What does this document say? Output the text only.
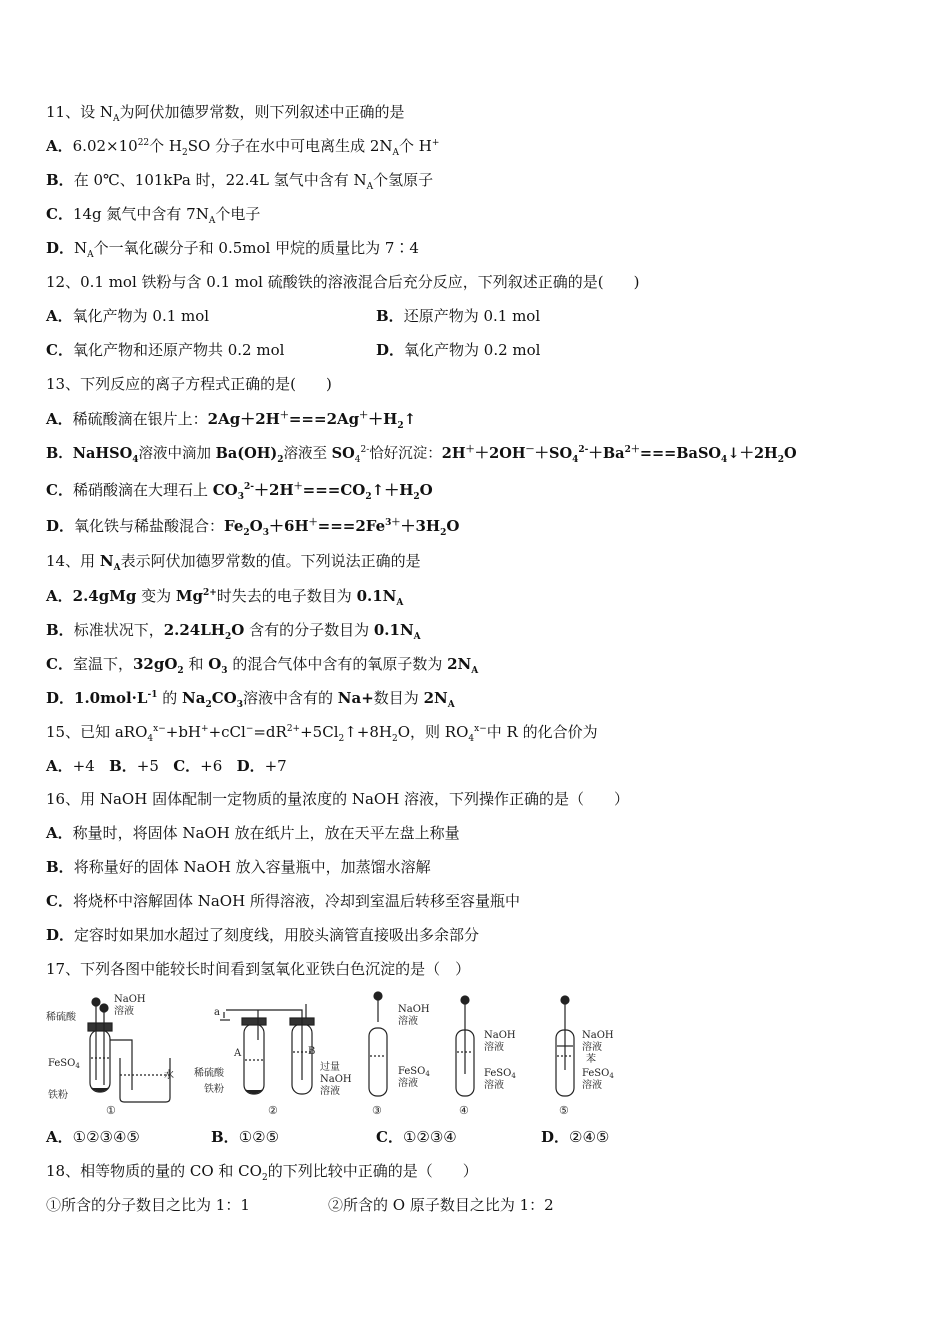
11、设 $N_A$为阿伏加德罗常数，则下列叙述中正确的是
A．$6.02\times 10^{22}$个 $H_2SO$ 分子在水中可电离生成 $2N_A$个 H+
B．在 0℃、101kPa 时，22.4L 氢气中含有 $N_A$个氢原子
C．14g 氮气中含有 $7N_A$个电子
D．$N_A$个一氧化碳分子和 0.5mol 甲烷的质量比为 7∶4
12、0.1 mol 铁粉与含 0.1 mol 硫酸铁的溶液混合后充分反应，下列叙述正确的是(　　)
A．氧化产物为 0.1 mol	B．还原产物为 0.1 mol
C．氧化产物和还原产物共 0.2 mol	D．氧化产物为 0.2 mol
13、下列反应的离子方程式正确的是(　　)
A．稀硫酸滴在银片上：$2Ag+2H^+===2Ag^++H_2↑$
B．NaHSO$_4$溶液中滴加 $Ba(OH)_2$溶液至 $SO_4^{2-}$恰好沉淀：$2H^++2OH^-+SO_4^{2-}+Ba^{2+}===BaSO_4↓+2H_2O$
C．稀硝酸滴在大理石上 $CO_3^{2-}+2H^+===CO_2↑+H_2O$
D．氧化铁与稀盐酸混合：$Fe_2O_3+6H^+===2Fe^{3+}+3H_2O$
14、用 $N_A$表示阿伏加德罗常数的值。下列说法正确的是
A．2.4gMg 变为 $Mg^{2+}$时失去的电子数目为 $0.1N_A$
B．标准状况下，$2.24LH_2O$ 含有的分子数目为 $0.1N_A$
C．室温下，$32gO_2$ 和 $O_3$ 的混合气体中含有的氧原子数为 $2N_A$
D．$1.0mol\cdot L^{-1}$ 的 $Na_2CO_3$溶液中含有的 Na+数目为 $2N_A$
15、已知 $aRO_4^{x-}+bH^++cCl^-=dR^{2+}+5Cl_2↑+8H_2O$，则 $RO_4^{x-}$中 R 的化合价为
A．+4 B．+5 C．+6 D．+7
16、用 NaOH 固体配制一定物质的量浓度的 NaOH 溶液，下列操作正确的是（　　）
A．称量时，将固体 NaOH 放在纸片上，放在天平左盘上称量
B．将称量好的固体 NaOH 放入容量瓶中，加蒸馏水溶解
C．将烧杯中溶解固体 NaOH 所得溶液，冷却到室温后转移至容量瓶中
D．定容时如果加水超过了刻度线，用胶头滴管直接吸出多余部分
17、下列各图中能较长时间看到氢氧化亚铁白色沉淀的是（　）
NaOH
溶液
稀硫酸
FeSO$_4$
铁粉
水
①
a
A	B
稀硫酸
铁粉
过量
NaOH
溶液
②
NaOH
溶液
FeSO$_4$
溶液
③
NaOH
溶液
FeSO$_4$
溶液
④
NaOH
溶液
苯
FeSO$_4$
溶液
⑤
A．①②③④⑤	B．①②⑤	C．①②③④	D．②④⑤
18、相等物质的量的 CO 和 $CO_2$的下列比较中正确的是（　　）
①所含的分子数目之比为 1：1	②所含的 O 原子数目之比为 1：2
